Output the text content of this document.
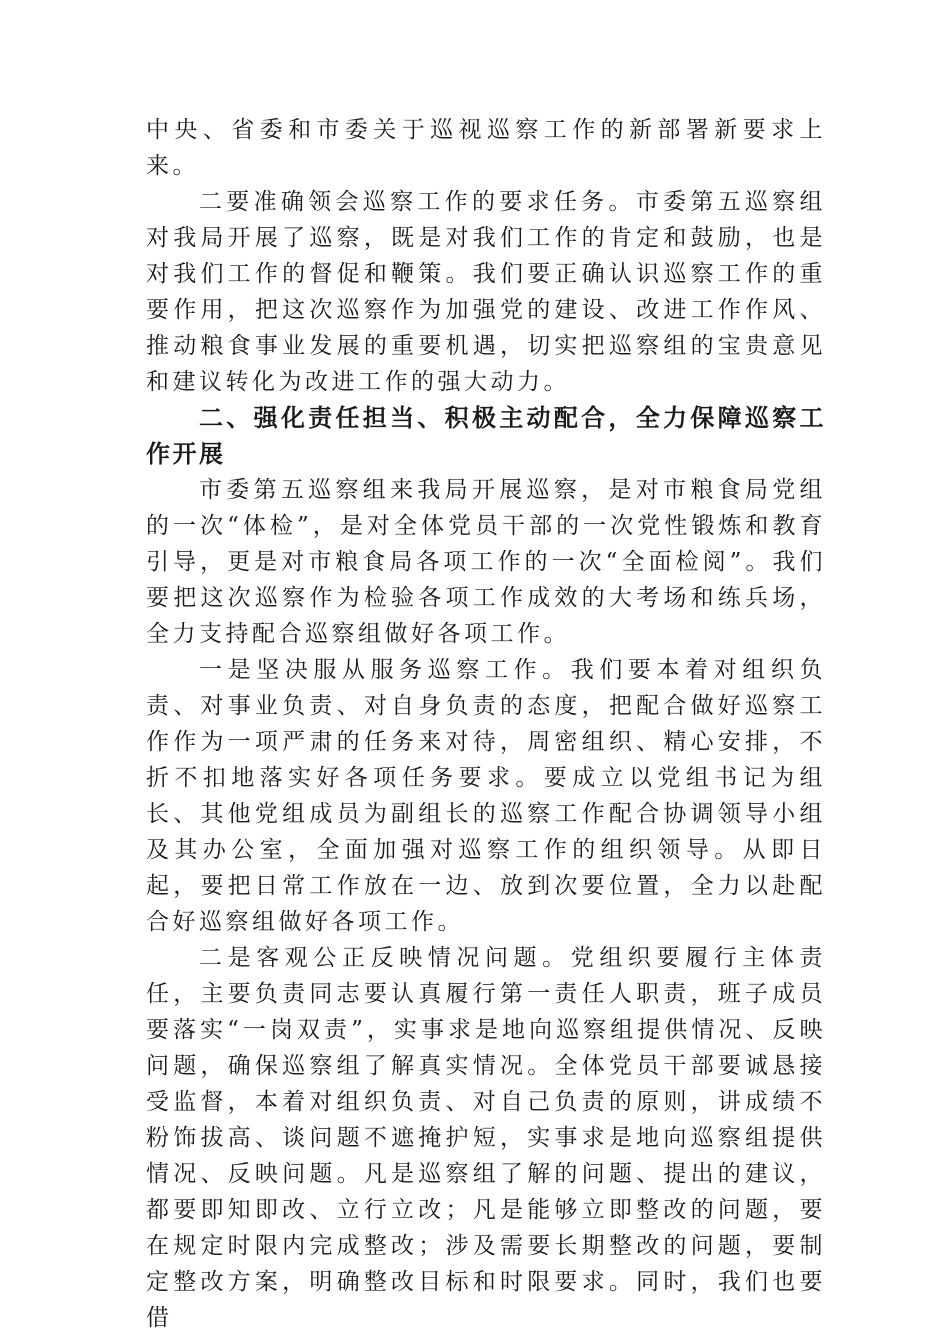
中央、省委和市委关于巡视巡察工作的新部署新要求上来。

二要准确领会巡察工作的要求任务。市委第五巡察组对我局开展了巡察，既是对我们工作的肯定和鼓励，也是对我们工作的督促和鞭策。我们要正确认识巡察工作的重要作用，把这次巡察作为加强党的建设、改进工作作风、推动粮食事业发展的重要机遇，切实把巡察组的宝贵意见和建议转化为改进工作的强大动力。

二、强化责任担当、积极主动配合，全力保障巡察工作开展

市委第五巡察组来我局开展巡察，是对市粮食局党组的一次“体检”，是对全体党员干部的一次党性锻炼和教育引导，更是对市粮食局各项工作的一次“全面检阅”。我们要把这次巡察作为检验各项工作成效的大考场和练兵场，全力支持配合巡察组做好各项工作。

一是坚决服从服务巡察工作。我们要本着对组织负责、对事业负责、对自身负责的态度，把配合做好巡察工作作为一项严肃的任务来对待，周密组织、精心安排，不折不扣地落实好各项任务要求。要成立以党组书记为组长、其他党组成员为副组长的巡察工作配合协调领导小组及其办公室，全面加强对巡察工作的组织领导。从即日起，要把日常工作放在一边、放到次要位置，全力以赴配合好巡察组做好各项工作。

二是客观公正反映情况问题。党组织要履行主体责任，主要负责同志要认真履行第一责任人职责，班子成员要落实“一岗双责”，实事求是地向巡察组提供情况、反映问题，确保巡察组了解真实情况。全体党员干部要诚恳接受监督，本着对组织负责、对自己负责的原则，讲成绩不粉饰拔高、谈问题不遮掩护短，实事求是地向巡察组提供情况、反映问题。凡是巡察组了解的问题、提出的建议，都要即知即改、立行立改；凡是能够立即整改的问题，要在规定时限内完成整改；涉及需要长期整改的问题，要制定整改方案，明确整改目标和时限要求。同时，我们也要借
